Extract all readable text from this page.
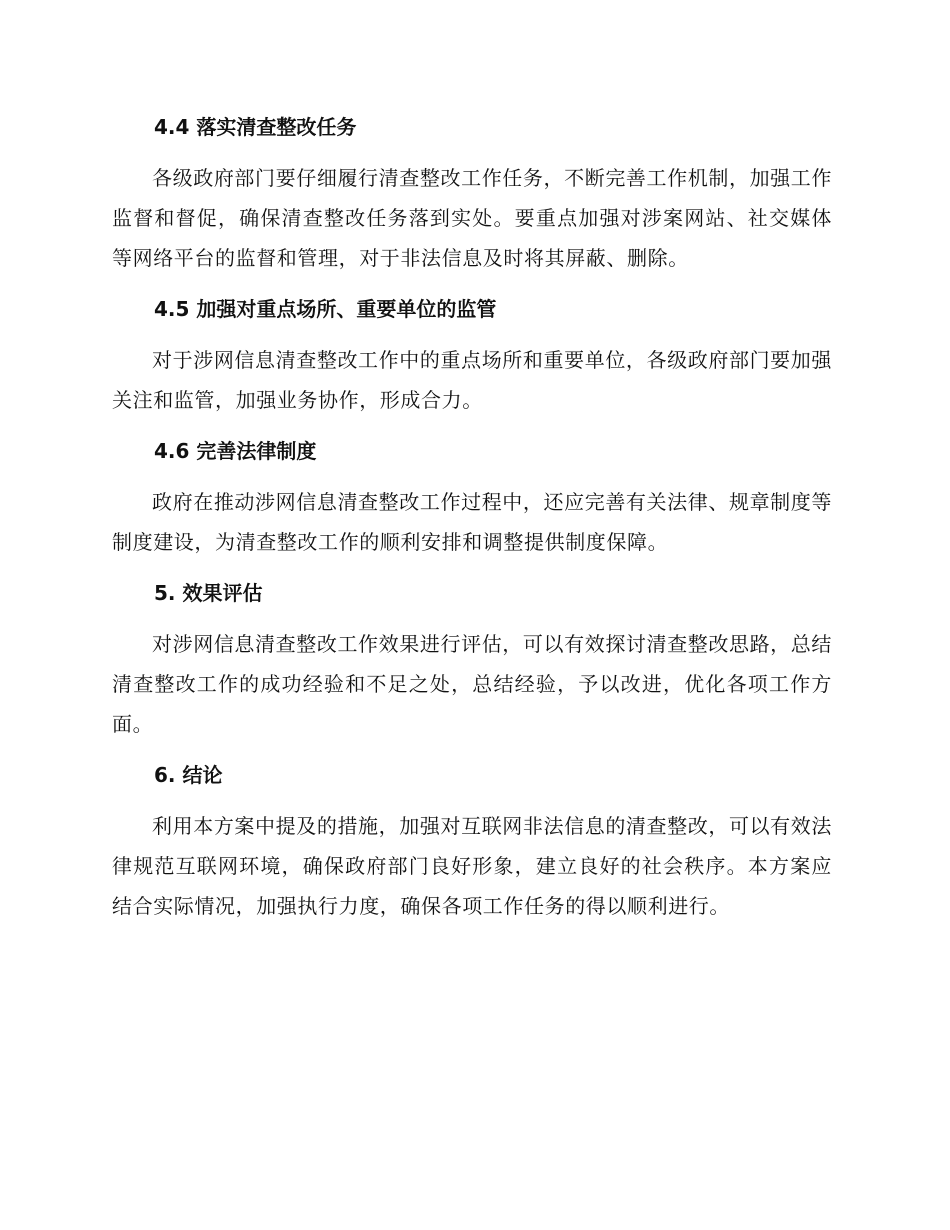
4.4 落实清查整改任务

各级政府部门要仔细履行清查整改工作任务，不断完善工作机制，加强工作监督和督促，确保清查整改任务落到实处。要重点加强对涉案网站、社交媒体等网络平台的监督和管理，对于非法信息及时将其屏蔽、删除。

4.5 加强对重点场所、重要单位的监管

对于涉网信息清查整改工作中的重点场所和重要单位，各级政府部门要加强关注和监管，加强业务协作，形成合力。

4.6 完善法律制度

政府在推动涉网信息清查整改工作过程中，还应完善有关法律、规章制度等制度建设，为清查整改工作的顺利安排和调整提供制度保障。

5. 效果评估

对涉网信息清查整改工作效果进行评估，可以有效探讨清查整改思路，总结清查整改工作的成功经验和不足之处，总结经验，予以改进，优化各项工作方面。

6. 结论

利用本方案中提及的措施，加强对互联网非法信息的清查整改，可以有效法律规范互联网环境，确保政府部门良好形象，建立良好的社会秩序。本方案应结合实际情况，加强执行力度，确保各项工作任务的得以顺利进行。
